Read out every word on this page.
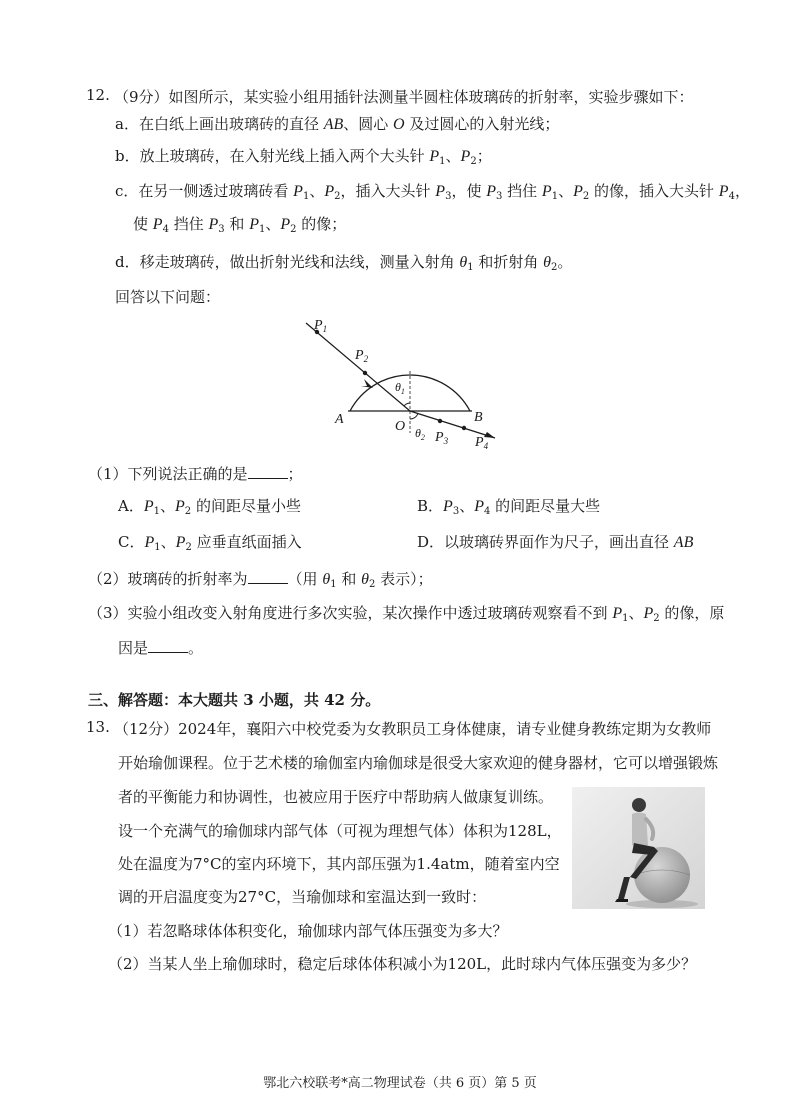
12. （9分）如图所示，某实验小组用插针法测量半圆柱体玻璃砖的折射率，实验步骤如下：
a．在白纸上画出玻璃砖的直径 AB、圆心 O 及过圆心的入射光线；
b．放上玻璃砖，在入射光线上插入两个大头针 $P_1$、$P_2$；
c．在另一侧透过玻璃砖看 $P_1$、$P_2$，插入大头针 $P_3$，使 $P_3$ 挡住 $P_1$、$P_2$ 的像，插入大头针 $P_4$，
使 $P_4$ 挡住 $P_3$ 和 $P_1$、$P_2$ 的像；
d．移走玻璃砖，做出折射光线和法线，测量入射角 $\theta_1$ 和折射角 $\theta_2$。
回答以下问题：
$P_1$
$P_2$
$P_3$ $P_4$
A	B
O
$\theta_1$
$\theta_2$
（1）下列说法正确的是	；
A．$P_1$、$P_2$ 的间距尽量小些	B．$P_3$、$P_4$ 的间距尽量大些
C．$P_1$、$P_2$ 应垂直纸面插入	D．以玻璃砖界面作为尺子，画出直径 AB
（2）玻璃砖的折射率为	（用 $\theta_1$ 和 $\theta_2$ 表示）；
（3）实验小组改变入射角度进行多次实验，某次操作中透过玻璃砖观察看不到 $P_1$、$P_2$ 的像，原
因是	。
三、解答题：本大题共 3 小题，共 42 分。
13. （12分）2024年，襄阳六中校党委为女教职员工身体健康，请专业健身教练定期为女教师
开始瑜伽课程。位于艺术楼的瑜伽室内瑜伽球是很受大家欢迎的健身器材，它可以增强锻炼
者的平衡能力和协调性，也被应用于医疗中帮助病人做康复训练。
设一个充满气的瑜伽球内部气体（可视为理想气体）体积为128L，
处在温度为7°C的室内环境下，其内部压强为1.4atm，随着室内空
调的开启温度变为27°C，当瑜伽球和室温达到一致时：
（1）若忽略球体体积变化，瑜伽球内部气体压强变为多大？
（2）当某人坐上瑜伽球时，稳定后球体体积减小为120L，此时球内气体压强变为多少？
鄂北六校联考*高二物理试卷（共 6 页）第 5 页
